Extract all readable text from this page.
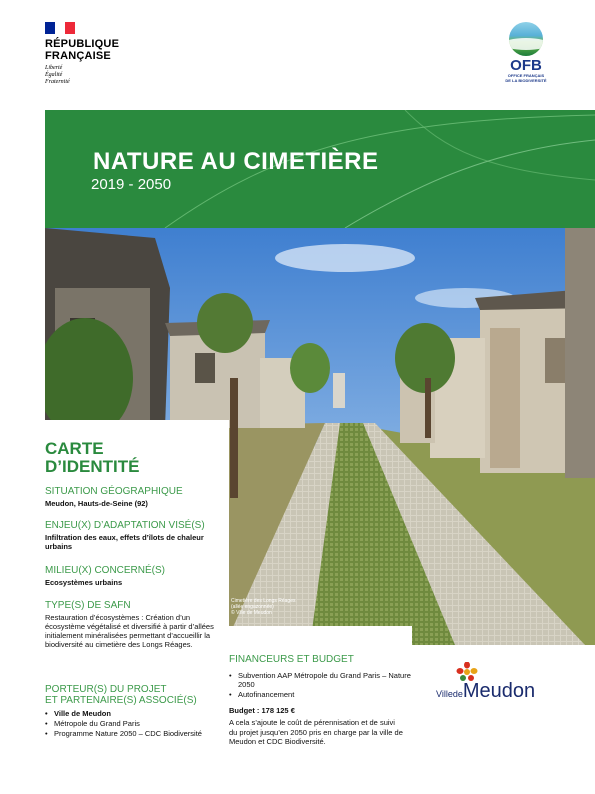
RÉPUBLIQUE
FRANÇAISE
Liberté
Égalité
Fraternité
OFB
OFFICE FRANÇAIS
DE LA BIODIVERSITÉ
NATURE AU CIMETIÈRE
2019 - 2050
Cimetière des Longs Réages
(allée engazonnée)
© Ville de Meudon
CARTE
D’IDENTITÉ
SITUATION GÉOGRAPHIQUE
Meudon, Hauts-de-Seine (92)
ENJEU(X) D’ADAPTATION VISÉ(S)
Infiltration des eaux, effets d’îlots de chaleur urbains
MILIEU(X) CONCERNÉ(S)
Ecosystèmes urbains
TYPE(S) DE SAFN
Restauration d’écosystèmes : Création d’un écosystème végétalisé et diversifié à partir d’allées initialement minéralisées permettant d’accueillir la biodiversité au cimetière des Longs Réages.
PORTEUR(S) DU PROJET
ET PARTENAIRE(S) ASSOCIÉ(S)
• Ville de Meudon
• Métropole du Grand Paris
• Programme Nature 2050 – CDC Biodiversité
FINANCEURS ET BUDGET
• Subvention AAP Métropole du Grand Paris – Nature 2050
• Autofinancement
Budget : 178 125 €
A cela s’ajoute le coût de pérennisation et de suivi du projet jusqu’en 2050 pris en charge par la ville de Meudon et CDC Biodiversité.
VilledeMeudon
